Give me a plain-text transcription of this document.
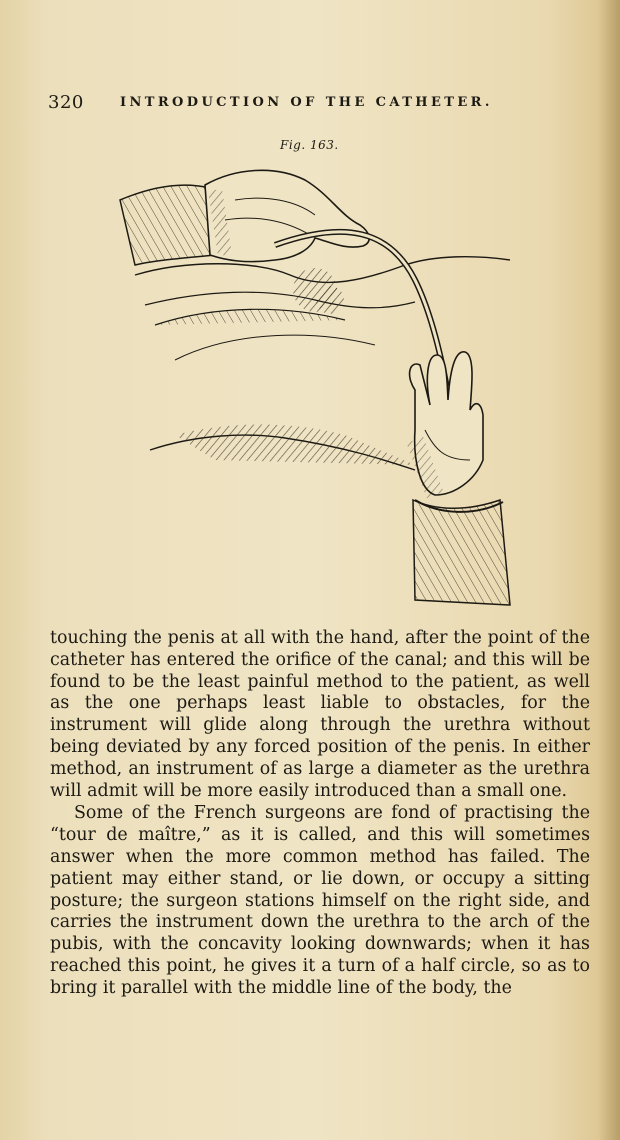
320	INTRODUCTION OF THE CATHETER.
Fig. 163.

touching the penis at all with the hand, after the point of the catheter has entered the orifice of the canal; and this will be found to be the least painful method to the patient, as well as the one perhaps least liable to obstacles, for the instrument will glide along through the urethra without being deviated by any forced position of the penis. In either method, an instrument of as large a diameter as the urethra will admit will be more easily introduced than a small one.

Some of the French surgeons are fond of practising the “tour de maître,” as it is called, and this will sometimes answer when the more common method has failed. The patient may either stand, or lie down, or occupy a sitting posture; the surgeon stations himself on the right side, and carries the instrument down the urethra to the arch of the pubis, with the concavity looking downwards; when it has reached this point, he gives it a turn of a half circle, so as to bring it parallel with the middle line of the body, the
